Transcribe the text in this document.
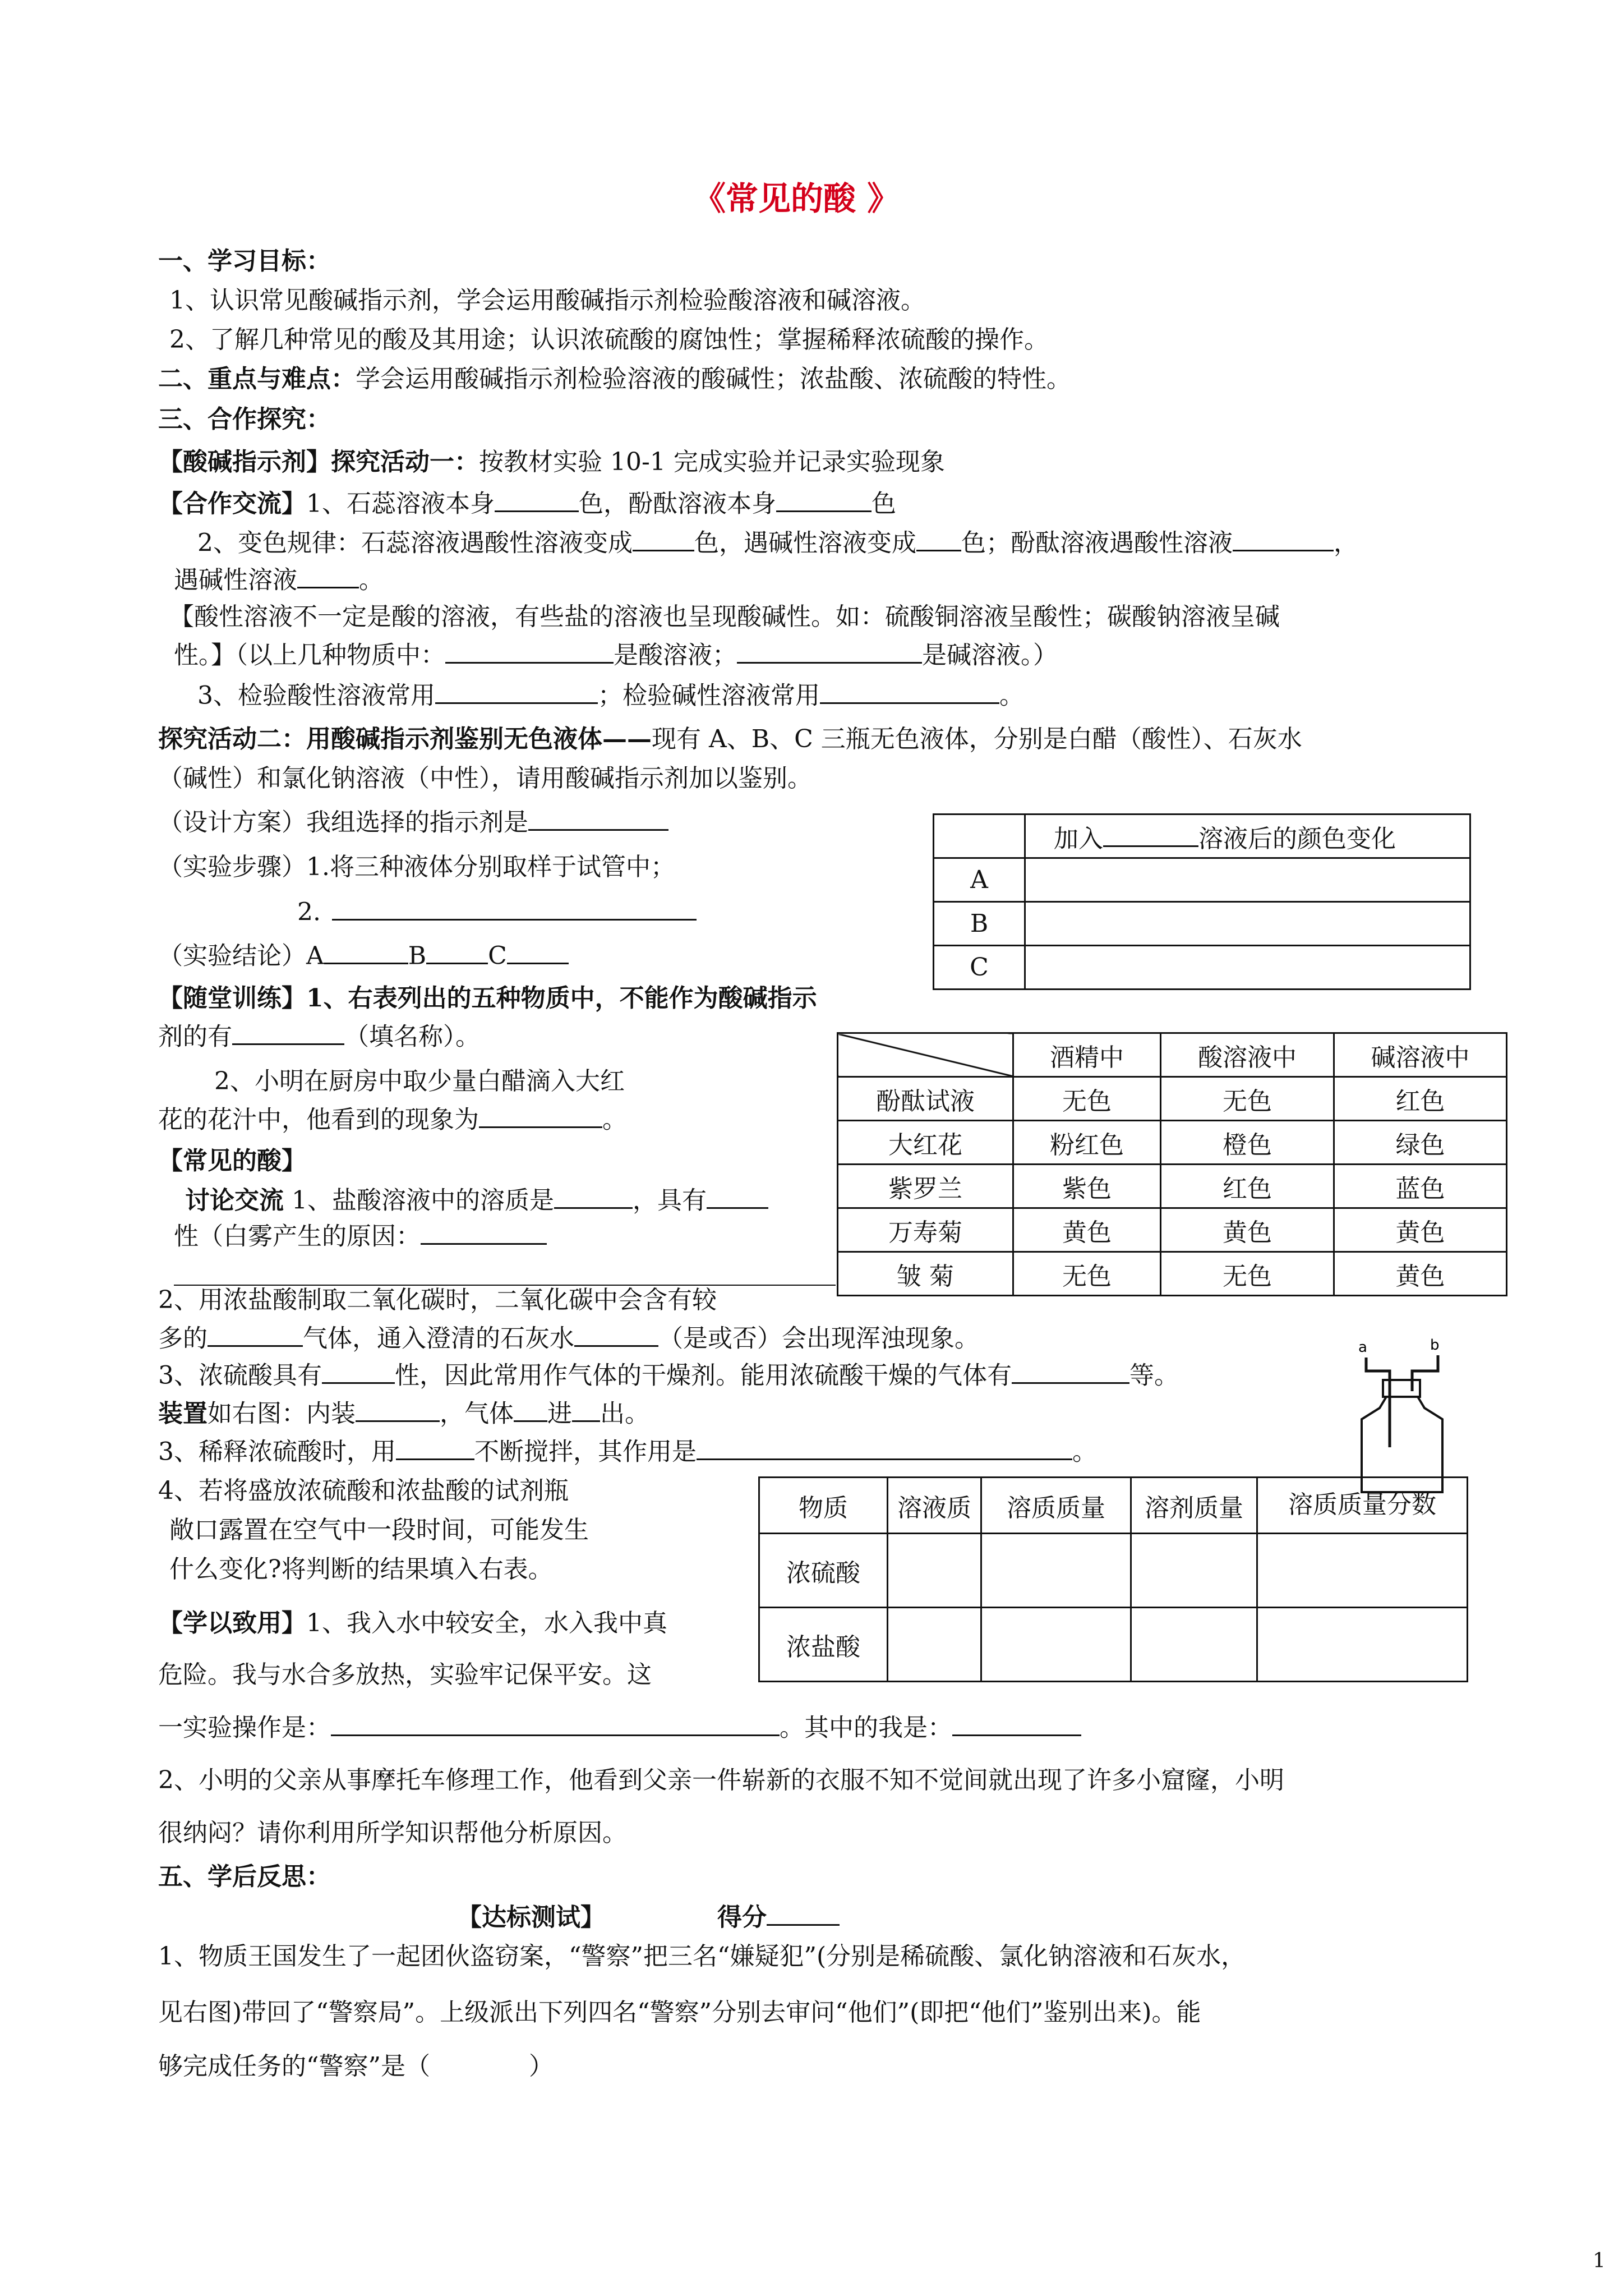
《常见的酸 》
一、学习目标：
1、认识常见酸碱指示剂，学会运用酸碱指示剂检验酸溶液和碱溶液。
2、了解几种常见的酸及其用途；认识浓硫酸的腐蚀性；掌握稀释浓硫酸的操作。
二、重点与难点：学会运用酸碱指示剂检验溶液的酸碱性；浓盐酸、浓硫酸的特性。
三、合作探究：
【酸碱指示剂】探究活动一：按教材实验 10-1 完成实验并记录实验现象
【合作交流】1、石蕊溶液本身	色，酚酞溶液本身	色
2、变色规律：石蕊溶液遇酸性溶液变成	色，遇碱性溶液变成 色；酚酞溶液遇酸性溶液	，
遇碱性溶液	。
【酸性溶液不一定是酸的溶液，有些盐的溶液也呈现酸碱性。如：硫酸铜溶液呈酸性；碳酸钠溶液呈碱
性。】（以上几种物质中：	是酸溶液；	是碱溶液。）
3、检验酸性溶液常用	；检验碱性溶液常用	。
探究活动二：用酸碱指示剂鉴别无色液体——现有 A、B、C 三瓶无色液体，分别是白醋（酸性）、石灰水
（碱性）和氯化钠溶液（中性），请用酸碱指示剂加以鉴别。
（设计方案）我组选择的指示剂是
（实验步骤）1.将三种液体分别取样于试管中；
2.
（实验结论）A	B	C
	加入 溶液后的颜色变化
A	
B	
C	
【随堂训练】1、右表列出的五种物质中，不能作为酸碱指示
剂的有	（填名称）。
2、小明在厨房中取少量白醋滴入大红
花的花汁中，他看到的现象为	。
	酒精中	酸溶液中	碱溶液中
酚酞试液	无色	无色	红色
大红花	粉红色	橙色	绿色
紫罗兰	紫色	红色	蓝色
万寿菊	黄色	黄色	黄色
皱 菊	无色	无色	黄色
【常见的酸】
讨论交流 1、盐酸溶液中的溶质是	，具有
性（白雾产生的原因：
2、用浓盐酸制取二氧化碳时，二氧化碳中会含有较
多的	气体，通入澄清的石灰水	（是或否）会出现浑浊现象。
3、浓硫酸具有	性，因此常用作气体的干燥剂。能用浓硫酸干燥的气体有	等。
装置如右图：内装	，气体 进 出。
a	b
3、稀释浓硫酸时，用	不断搅拌，其作用是	。
4、若将盛放浓硫酸和浓盐酸的试剂瓶
敞口露置在空气中一段时间，可能发生
什么变化?将判断的结果填入右表。
物质	溶液质	溶质质量	溶剂质量	溶质质量分数
浓硫酸				
浓盐酸				
【学以致用】1、我入水中较安全，水入我中真
危险。我与水合多放热，实验牢记保平安。这
一实验操作是：	。其中的我是：
2、小明的父亲从事摩托车修理工作，他看到父亲一件崭新的衣服不知不觉间就出现了许多小窟窿，小明
很纳闷？请你利用所学知识帮他分析原因。
五、学后反思：
【达标测试】	得分
1、物质王国发生了一起团伙盗窃案，“警察”把三名“嫌疑犯”(分别是稀硫酸、氯化钠溶液和石灰水，
见右图)带回了“警察局”。上级派出下列四名“警察”分别去审问“他们”(即把“他们”鉴别出来)。能
够完成任务的“警察”是（　　　　）
1
